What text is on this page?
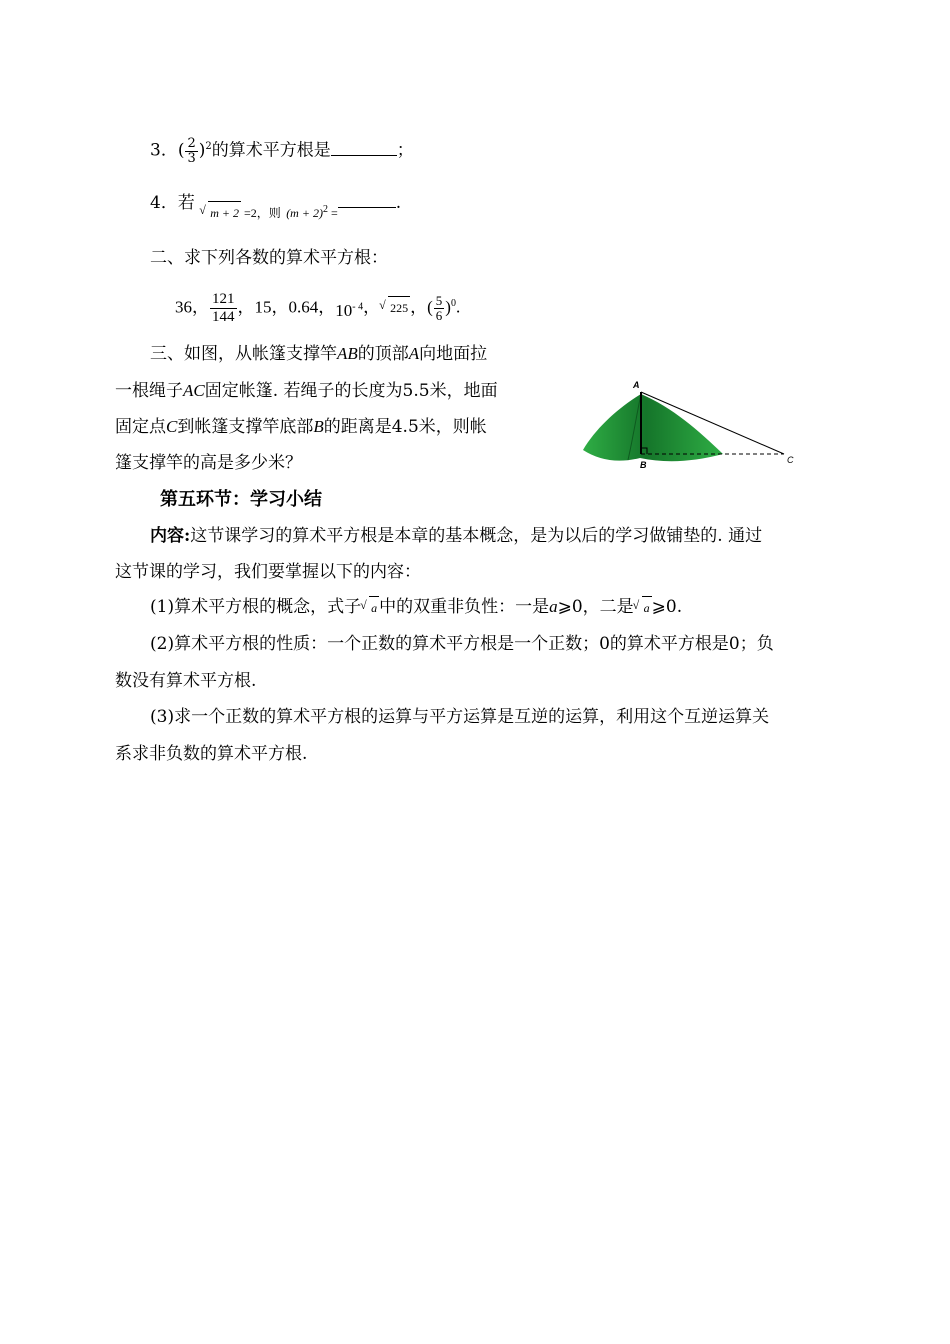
3．( $\frac{2}{3} )^2$的算术平方根是	；
4．若 √ $_{m + 2 =2,则}$ $_{(m + 2)^2 =}$	.
二、求下列各数的算术平方根：
36， $\frac{121}{144}$ ，15，0.64，$10^{- 4}$， √ 225 ，( $\frac{5}{6} )^0$.
三、如图，从帐篷支撑竿AB的顶部A向地面拉
一根绳子AC固定帐篷. 若绳子的长度为5.5米，地面
固定点C到帐篷支撑竿底部B的距离是4.5米，则帐
篷支撑竿的高是多少米？
A
B	C
第五环节：学习小结
内容:这节课学习的算术平方根是本章的基本概念，是为以后的学习做铺垫的. 通过
这节课的学习，我们要掌握以下的内容：
(1)算术平方根的概念，式子 √ a 中的双重非负性：一是a⩾0，二是 √ a ⩾0.
(2)算术平方根的性质：一个正数的算术平方根是一个正数；0的算术平方根是0；负
数没有算术平方根.
(3)求一个正数的算术平方根的运算与平方运算是互逆的运算，利用这个互逆运算关
系求非负数的算术平方根.
